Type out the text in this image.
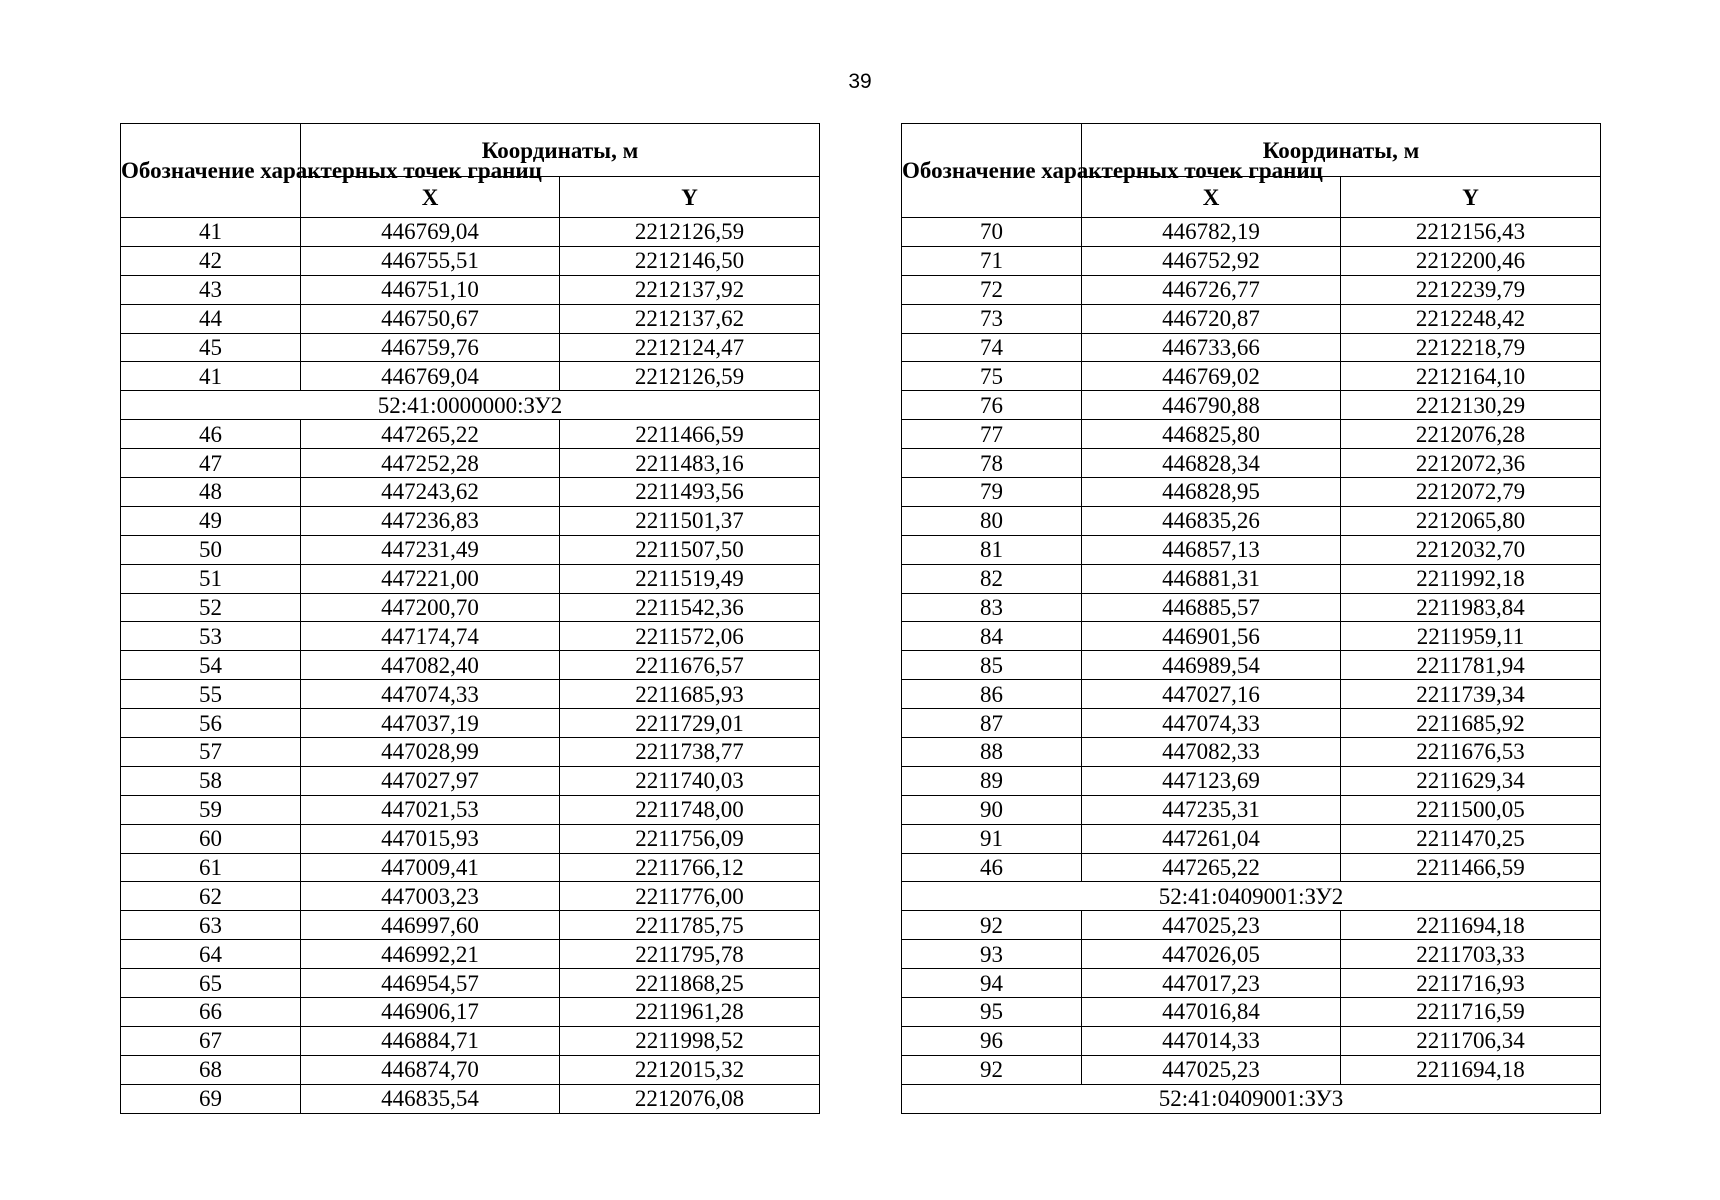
39
Обозначение характерных точек границ	Координаты, м	
	X	Y
41	446769,04	2212126,59
42	446755,51	2212146,50
43	446751,10	2212137,92
44	446750,67	2212137,62
45	446759,76	2212124,47
41	446769,04	2212126,59
52:41:0000000:ЗУ2		
46	447265,22	2211466,59
47	447252,28	2211483,16
48	447243,62	2211493,56
49	447236,83	2211501,37
50	447231,49	2211507,50
51	447221,00	2211519,49
52	447200,70	2211542,36
53	447174,74	2211572,06
54	447082,40	2211676,57
55	447074,33	2211685,93
56	447037,19	2211729,01
57	447028,99	2211738,77
58	447027,97	2211740,03
59	447021,53	2211748,00
60	447015,93	2211756,09
61	447009,41	2211766,12
62	447003,23	2211776,00
63	446997,60	2211785,75
64	446992,21	2211795,78
65	446954,57	2211868,25
66	446906,17	2211961,28
67	446884,71	2211998,52
68	446874,70	2212015,32
69	446835,54	2212076,08
Обозначение характерных точек границ	Координаты, м	
	X	Y
70	446782,19	2212156,43
71	446752,92	2212200,46
72	446726,77	2212239,79
73	446720,87	2212248,42
74	446733,66	2212218,79
75	446769,02	2212164,10
76	446790,88	2212130,29
77	446825,80	2212076,28
78	446828,34	2212072,36
79	446828,95	2212072,79
80	446835,26	2212065,80
81	446857,13	2212032,70
82	446881,31	2211992,18
83	446885,57	2211983,84
84	446901,56	2211959,11
85	446989,54	2211781,94
86	447027,16	2211739,34
87	447074,33	2211685,92
88	447082,33	2211676,53
89	447123,69	2211629,34
90	447235,31	2211500,05
91	447261,04	2211470,25
46	447265,22	2211466,59
52:41:0409001:ЗУ2		
92	447025,23	2211694,18
93	447026,05	2211703,33
94	447017,23	2211716,93
95	447016,84	2211716,59
96	447014,33	2211706,34
92	447025,23	2211694,18
52:41:0409001:ЗУ3		
